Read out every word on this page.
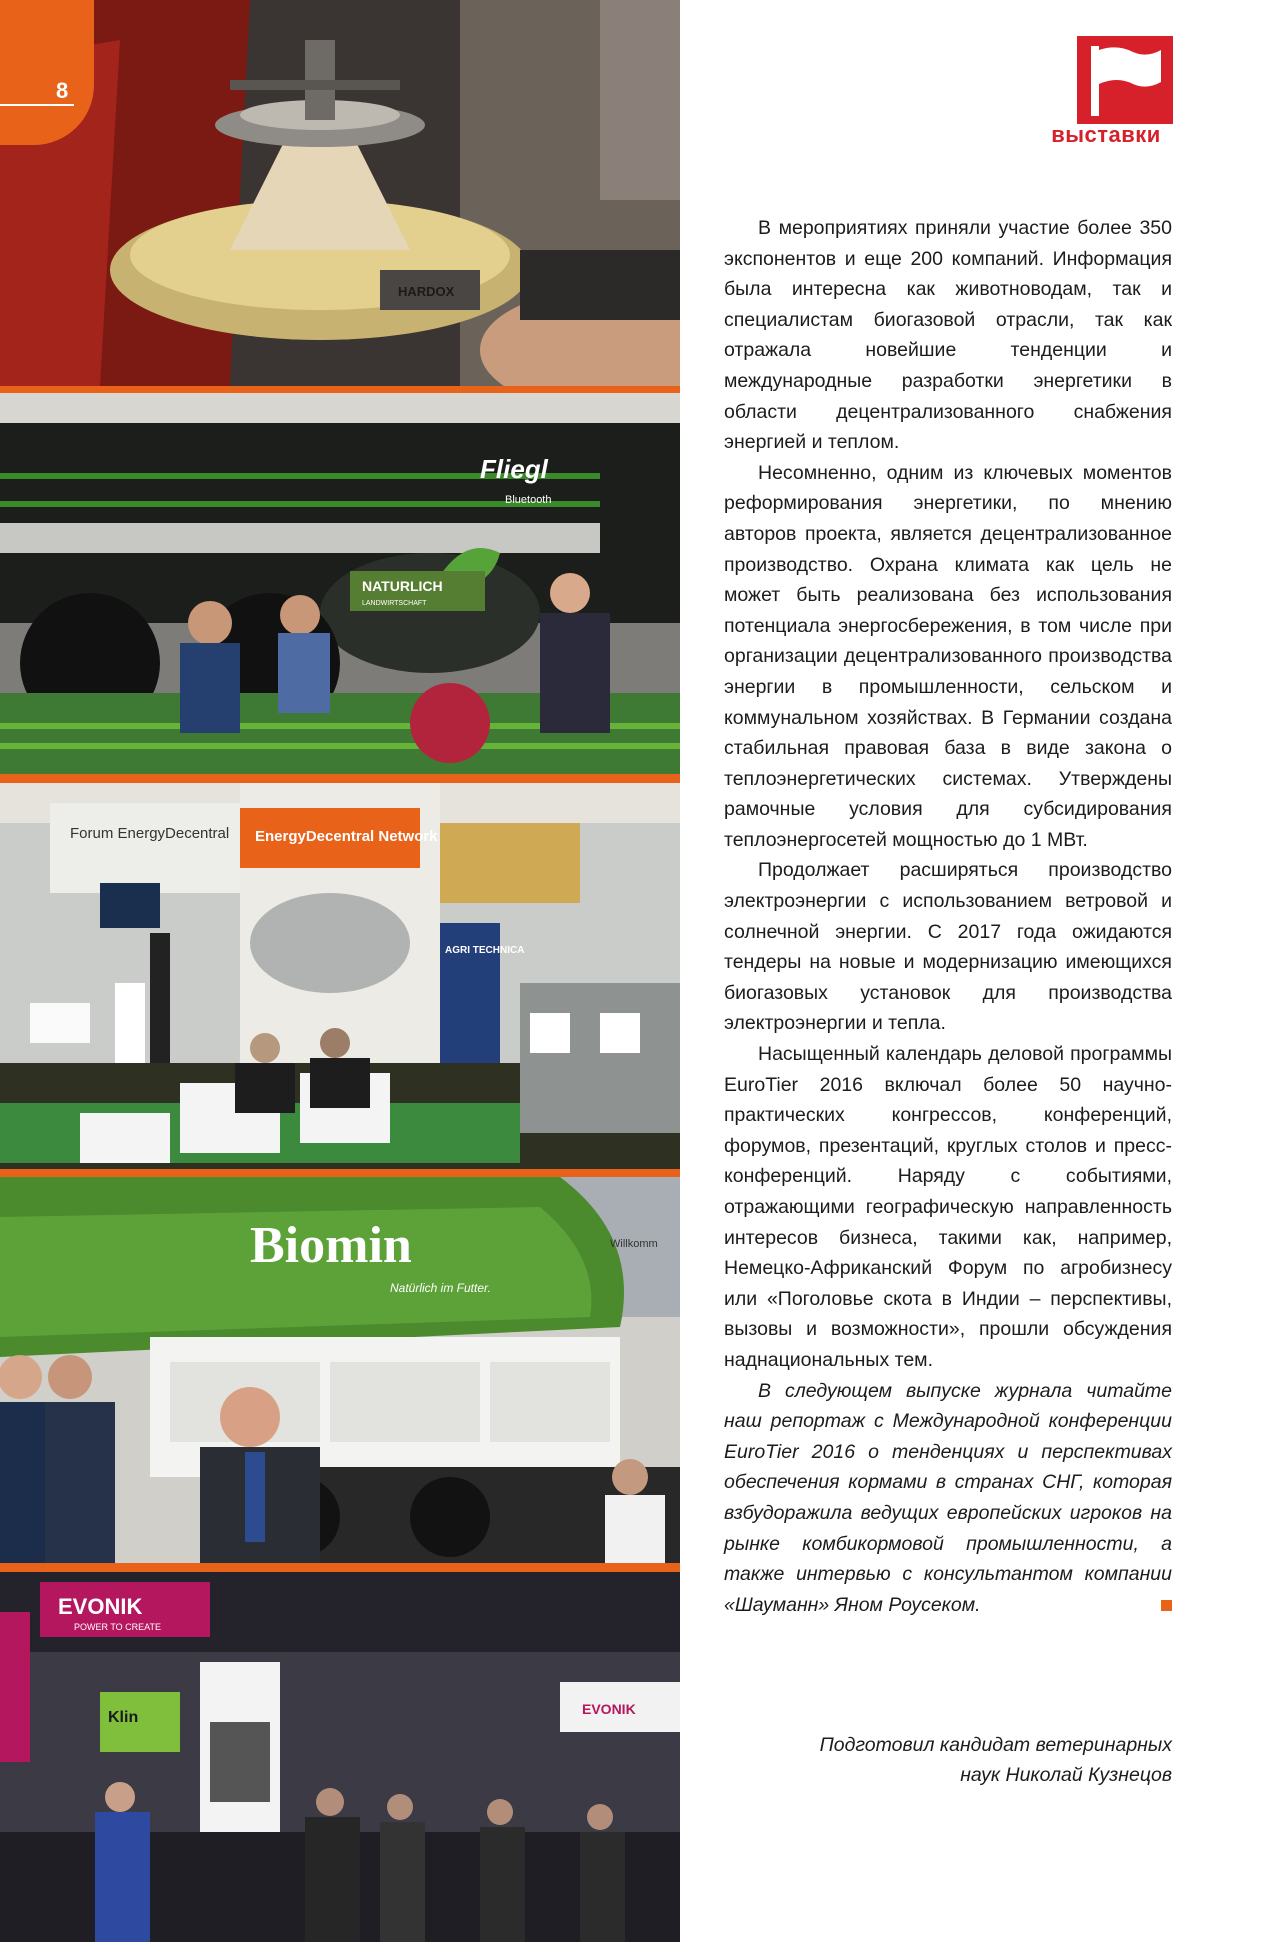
HARDOX
Fliegl
Bluetooth
NATURLICH
LANDWIRTSCHAFT
Forum EnergyDecentral EnergyDecentral Network
AGRI TECHNICA
Biomin
Natürlich im Futter.
Willkomm
EVONIK
POWER TO CREATE
EVONIK
Klin
8
выставки

В мероприятиях приняли участие более 350 экспонентов и еще 200 компаний. Информация была интересна как животноводам, так и специалистам биогазовой отрасли, так как отражала новейшие тенденции и международные разработки энергетики в области децентрализованного снабжения энергией и теплом.

Несомненно, одним из ключевых моментов реформирования энергетики, по мнению авторов проекта, является децентрализованное производство. Охрана климата как цель не может быть реализована без использования потенциала энергосбережения, в том числе при организации децентрализованного производства энергии в промышленности, сельском и коммунальном хозяйствах. В Германии создана стабильная правовая база в виде закона о теплоэнергетических системах. Утверждены рамочные условия для субсидирования теплоэнергосетей мощностью до 1 МВт.

Продолжает расширяться производство электроэнергии с использованием ветровой и солнечной энергии. С 2017 года ожидаются тендеры на новые и модернизацию имеющихся биогазовых установок для производства электроэнергии и тепла.

Насыщенный календарь деловой программы EuroTier 2016 включал более 50 научно-практических конгрессов, конференций, форумов, презентаций, круглых столов и пресс-конференций. Наряду с событиями, отражающими географическую направленность интересов бизнеса, такими как, например, Немецко-Африканский Форум по агробизнесу или «Поголовье скота в Индии – перспективы, вызовы и возможности», прошли обсуждения наднациональных тем.

В следующем выпуске журнала читайте наш репортаж с Международной конференции EuroTier 2016 о тенденциях и перспективах обеспечения кормами в странах СНГ, которая взбудоражила ведущих европейских игроков на рынке комбикормовой промышленности, а также интервью с консультантом компании «Шауманн» Яном Роусеком.

Подготовил кандидат ветеринарных
наук Николай Кузнецов
